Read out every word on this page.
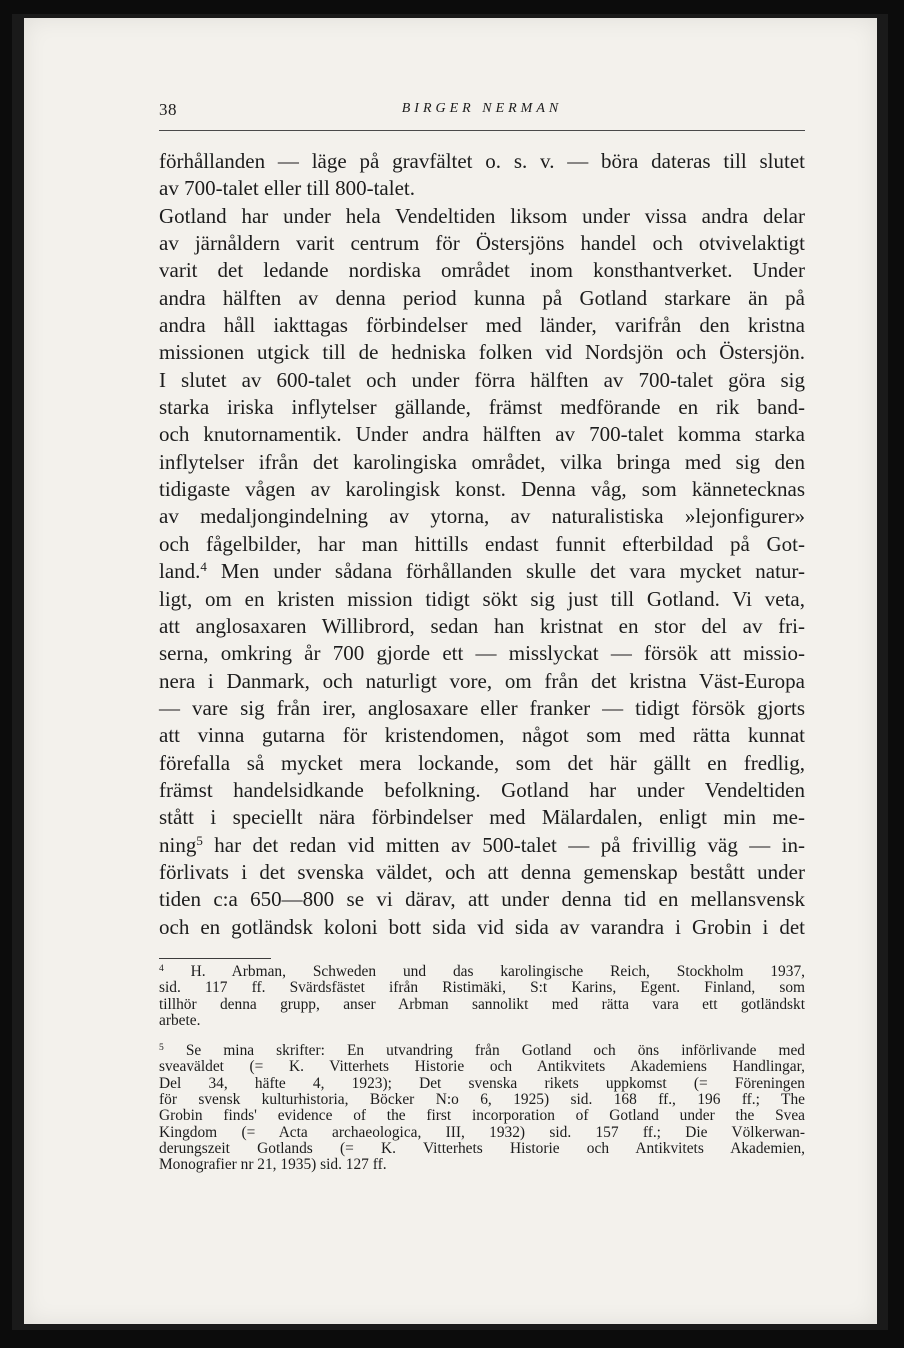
38	BIRGER NERMAN
förhållanden — läge på gravfältet o. s. v. — böra dateras till slutet
av 700-talet eller till 800-talet.
Gotland har under hela Vendeltiden liksom under vissa andra delar
av järnåldern varit centrum för Östersjöns handel och otvivelaktigt
varit det ledande nordiska området inom konsthantverket. Under
andra hälften av denna period kunna på Gotland starkare än på
andra håll iakttagas förbindelser med länder, varifrån den kristna
missionen utgick till de hedniska folken vid Nordsjön och Östersjön.
I slutet av 600-talet och under förra hälften av 700-talet göra sig
starka iriska inflytelser gällande, främst medförande en rik band-
och knutornamentik. Under andra hälften av 700-talet komma starka
inflytelser ifrån det karolingiska området, vilka bringa med sig den
tidigaste vågen av karolingisk konst. Denna våg, som kännetecknas
av medaljongindelning av ytorna, av naturalistiska »lejonfigurer»
och fågelbilder, har man hittills endast funnit efterbildad på Got-
land.$^4$ Men under sådana förhållanden skulle det vara mycket natur-
ligt, om en kristen mission tidigt sökt sig just till Gotland. Vi veta,
att anglosaxaren Willibrord, sedan han kristnat en stor del av fri-
serna, omkring år 700 gjorde ett — misslyckat — försök att missio-
nera i Danmark, och naturligt vore, om från det kristna Väst-Europa
— vare sig från irer, anglosaxare eller franker — tidigt försök gjorts
att vinna gutarna för kristendomen, något som med rätta kunnat
förefalla så mycket mera lockande, som det här gällt en fredlig,
främst handelsidkande befolkning. Gotland har under Vendeltiden
stått i speciellt nära förbindelser med Mälardalen, enligt min me-
ning$^5$ har det redan vid mitten av 500-talet — på frivillig väg — in-
förlivats i det svenska väldet, och att denna gemenskap bestått under
tiden c:a 650—800 se vi därav, att under denna tid en mellansvensk
och en gotländsk koloni bott sida vid sida av varandra i Grobin i det
$^4$ H. Arbman, Schweden und das karolingische Reich, Stockholm 1937,
sid. 117 ff. Svärdsfästet ifrån Ristimäki, S:t Karins, Egent. Finland, som
tillhör denna grupp, anser Arbman sannolikt med rätta vara ett gotländskt
arbete.
$^5$ Se mina skrifter: En utvandring från Gotland och öns införlivande med
sveaväldet (= K. Vitterhets Historie och Antikvitets Akademiens Handlingar,
Del 34, häfte 4, 1923); Det svenska rikets uppkomst (= Föreningen
för svensk kulturhistoria, Böcker N:o 6, 1925) sid. 168 ff., 196 ff.; The
Grobin finds' evidence of the first incorporation of Gotland under the Svea
Kingdom (= Acta archaeologica, III, 1932) sid. 157 ff.; Die Völkerwan-
derungszeit Gotlands (= K. Vitterhets Historie och Antikvitets Akademien,
Monografier nr 21, 1935) sid. 127 ff.
